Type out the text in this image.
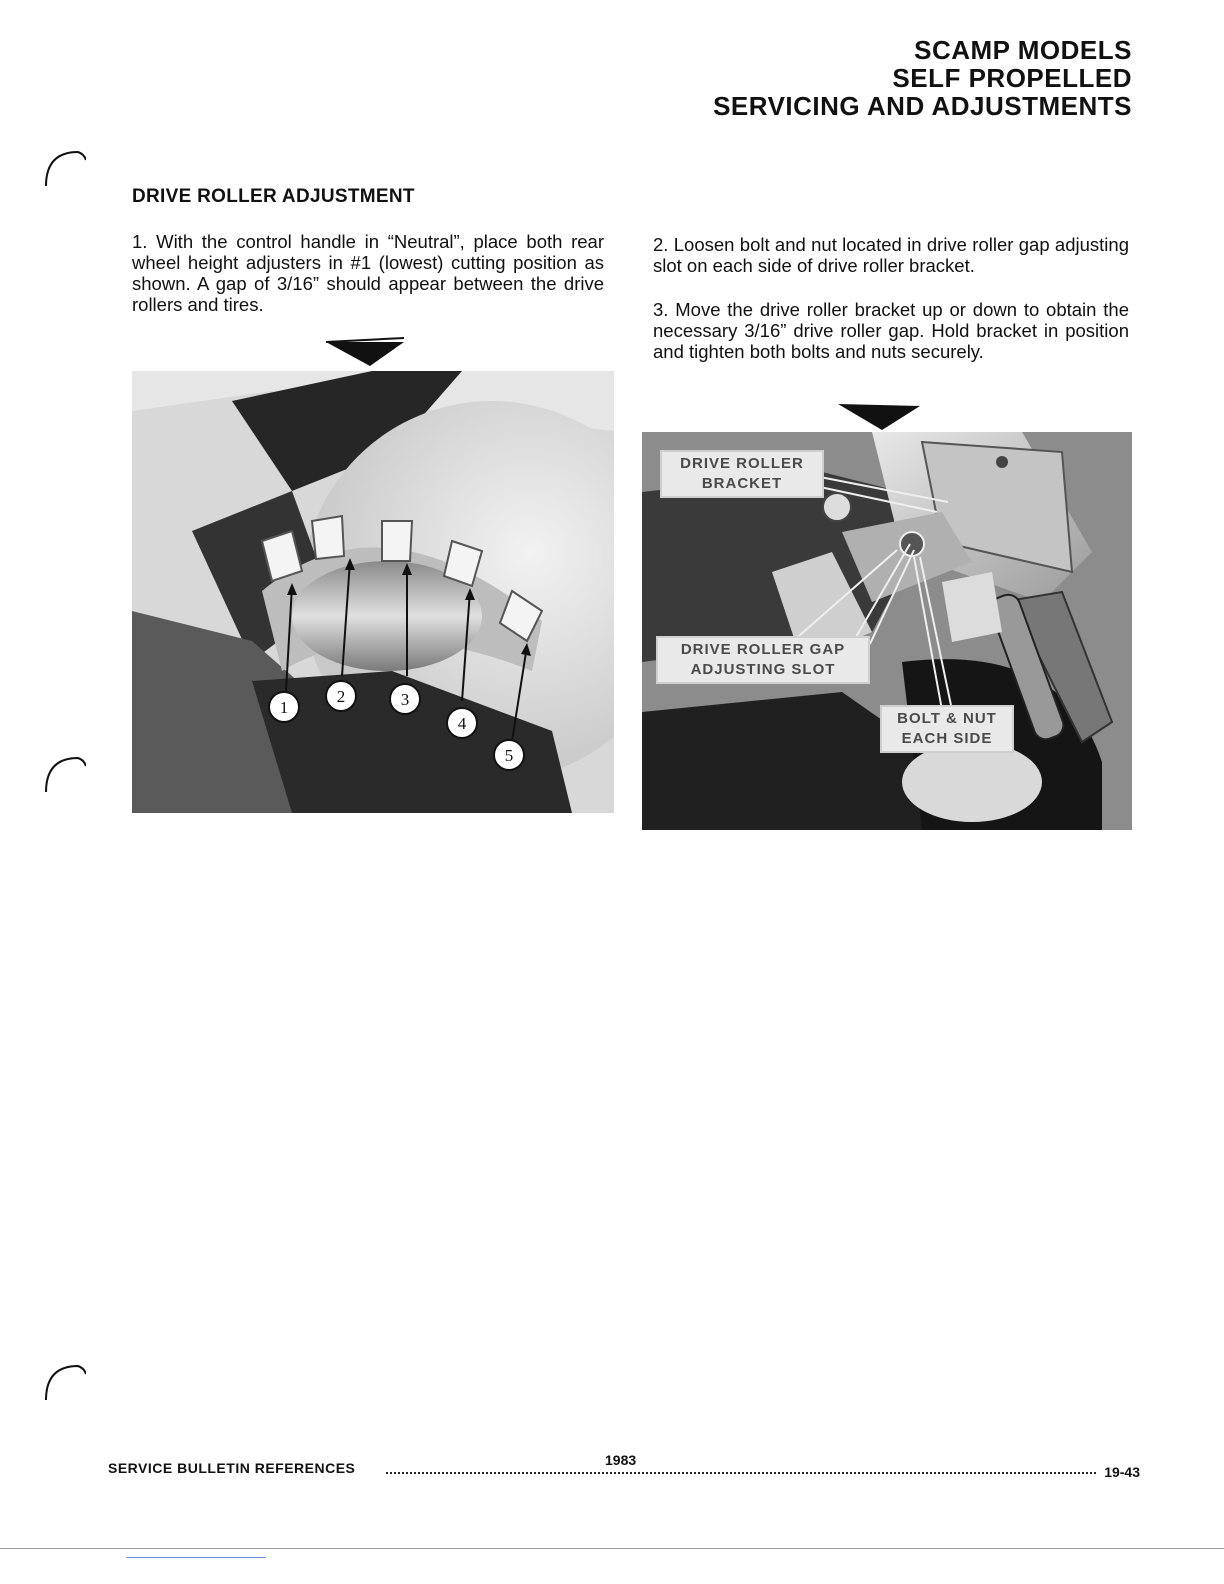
SCAMP MODELS
SELF PROPELLED
SERVICING AND ADJUSTMENTS
DRIVE ROLLER ADJUSTMENT
1. With the control handle in “Neutral”, place both rear wheel height adjusters in #1 (lowest) cutting position as shown. A gap of 3/16” should appear between the drive rollers and tires.
2. Loosen bolt and nut located in drive roller gap adjusting slot on each side of drive roller bracket.
3. Move the drive roller bracket up or down to obtain the necessary 3/16” drive roller gap. Hold bracket in position and tighten both bolts and nuts securely.
1
2	3
4
5
DRIVE ROLLER
BRACKET
DRIVE ROLLER GAP
ADJUSTING SLOT
BOLT & NUT
EACH SIDE
SERVICE BULLETIN REFERENCES	1983
19-43
